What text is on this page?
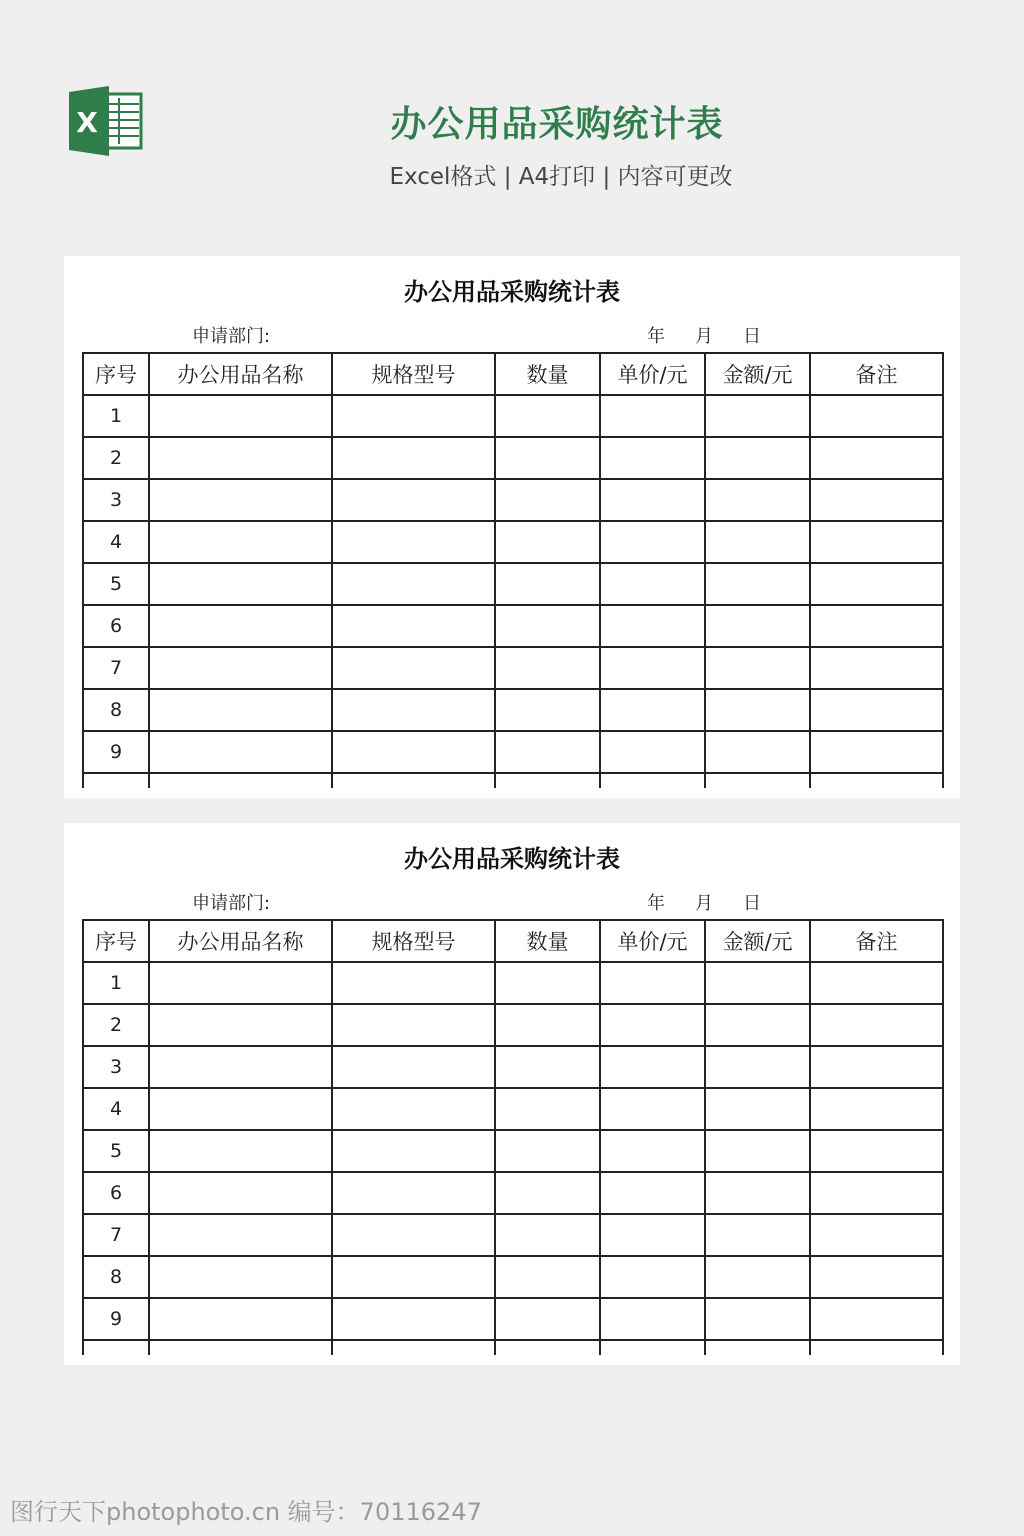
X	办公用品采购统计表
Excel格式 | A4打印 | 内容可更改
办公用品采购统计表
申请部门:	年 月 日
序号	办公用品名称	规格型号	数量	单价/元	金额/元	备注
1						
2						
3						
4						
5						
6						
7						
8						
9						

办公用品采购统计表
申请部门:	年 月 日
序号	办公用品名称	规格型号	数量	单价/元	金额/元	备注
1						
2						
3						
4						
5						
6						
7						
8						
9						

图行天下photophoto.cn 编号：70116247
